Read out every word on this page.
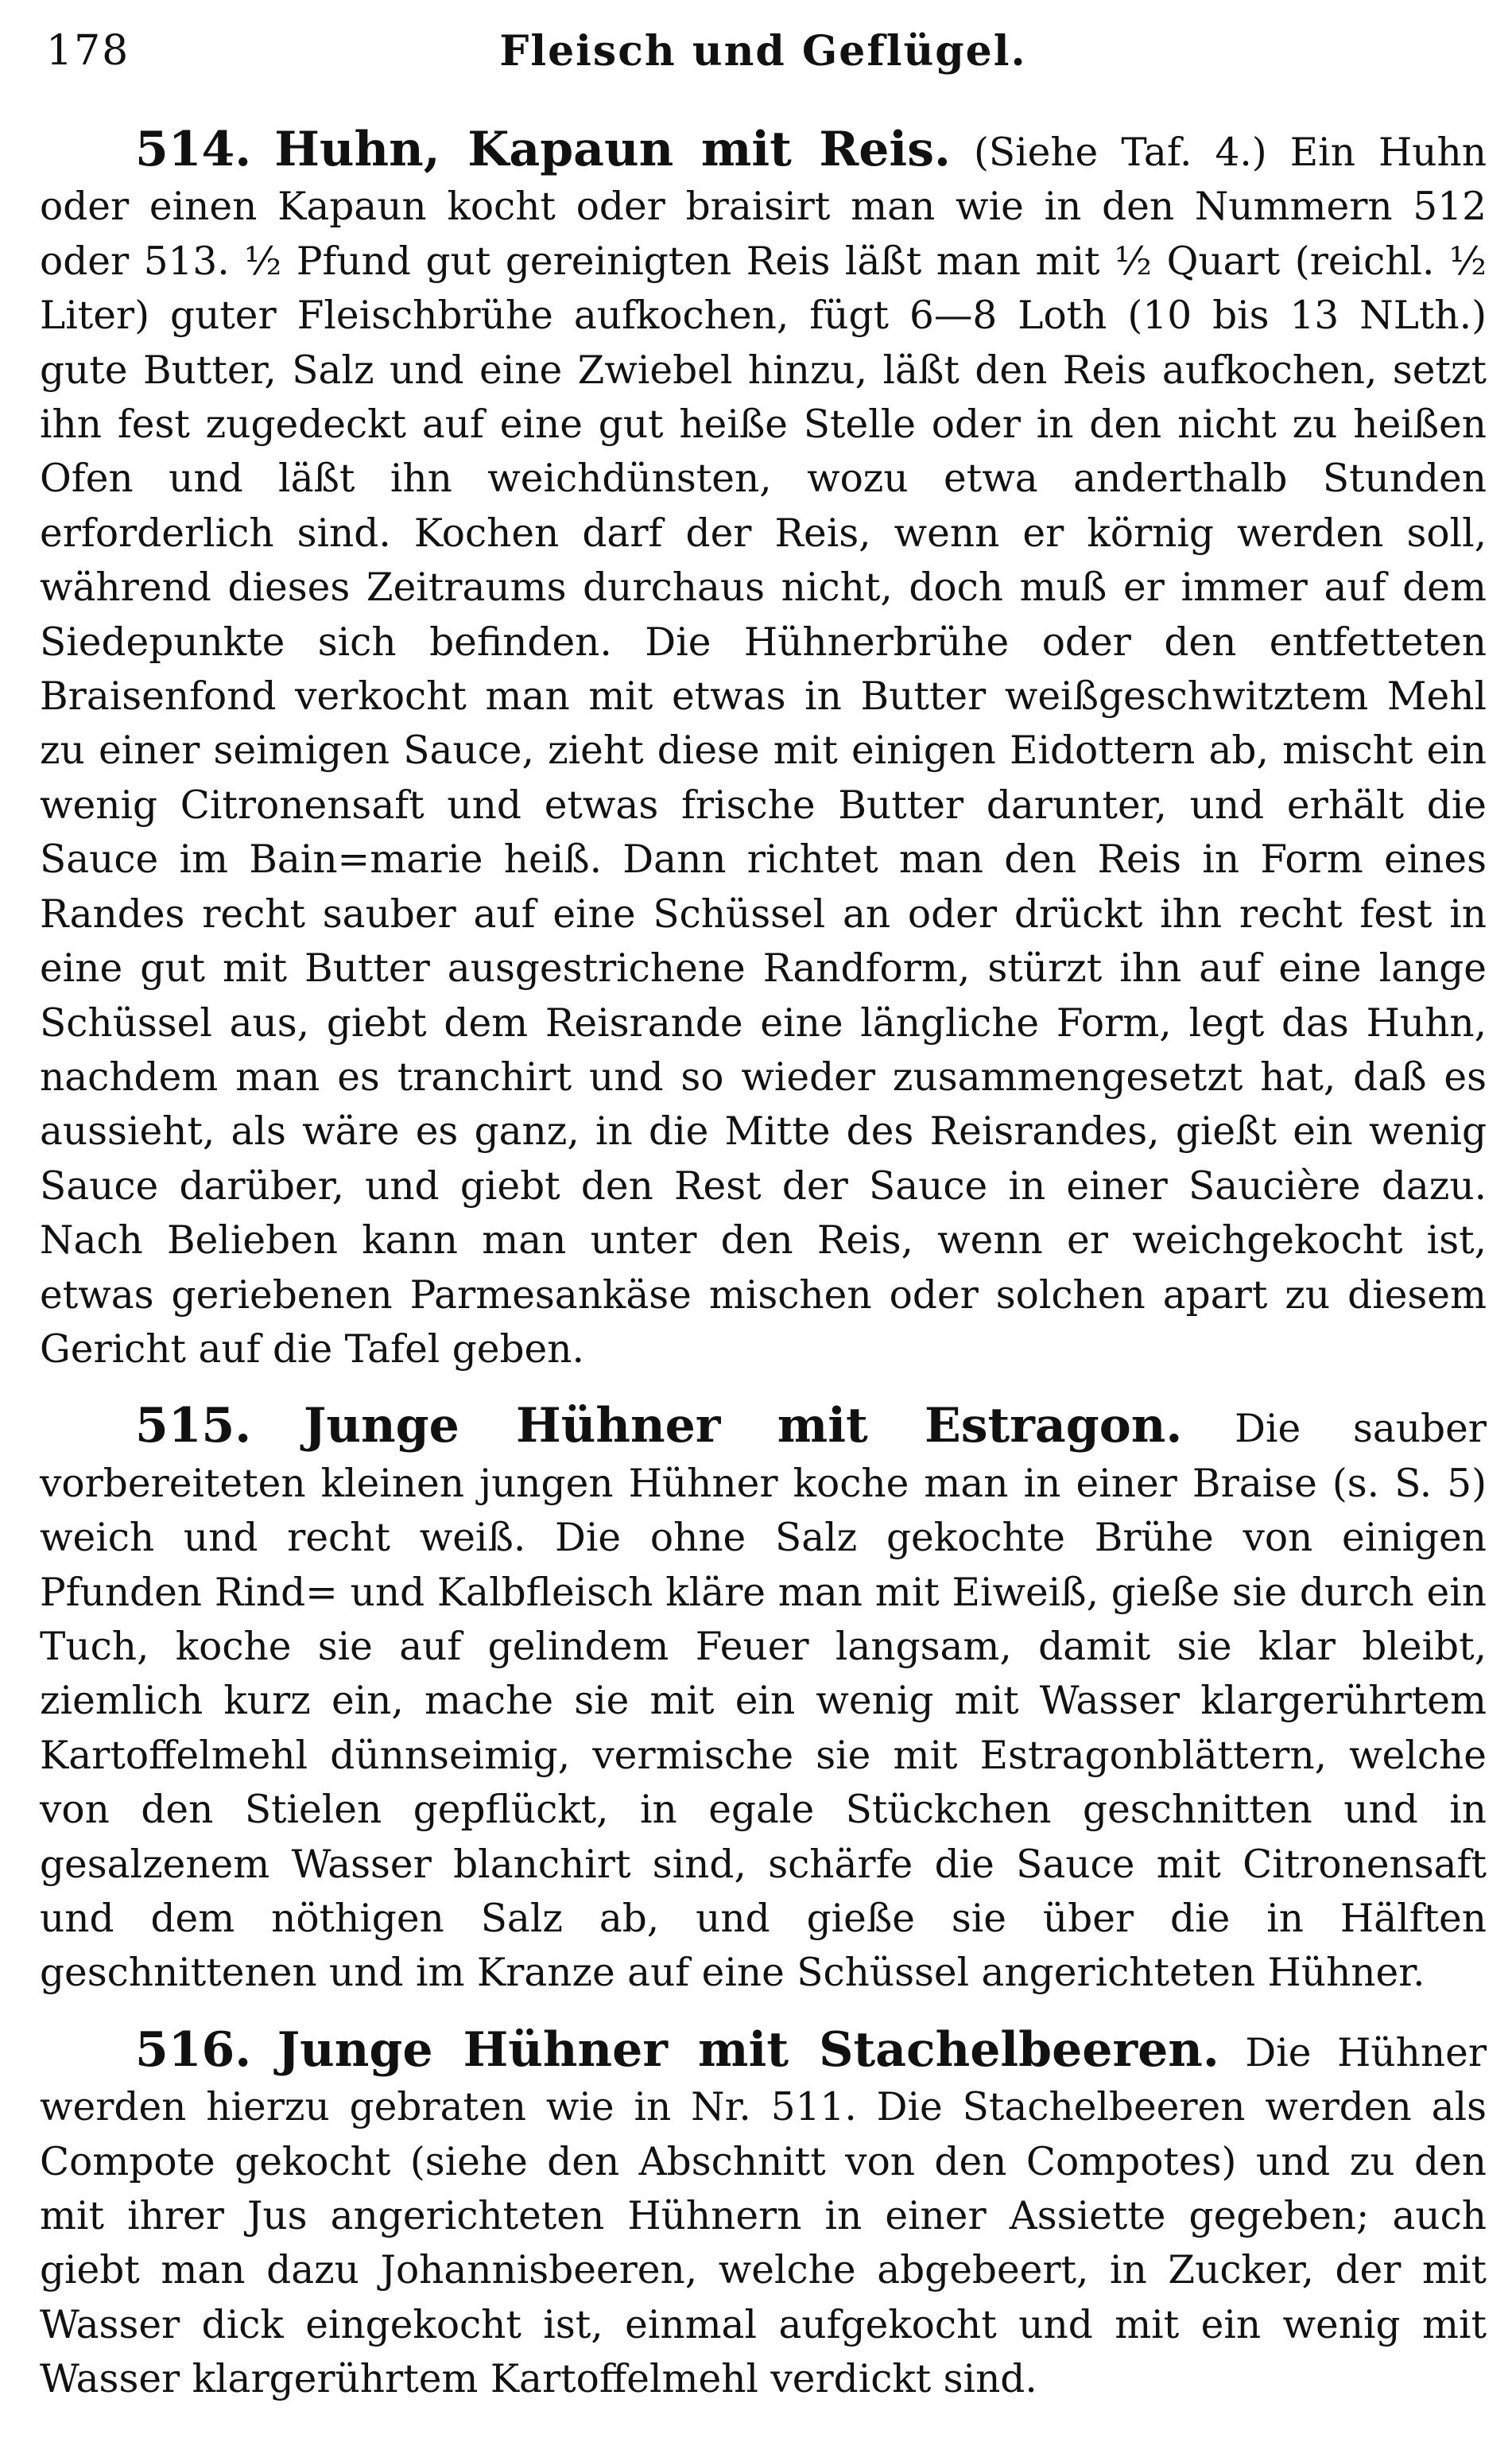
178	Fleisch und Geflügel.

514. Huhn, Kapaun mit Reis. (Siehe Taf. 4.) Ein Huhn oder einen Kapaun kocht oder braisirt man wie in den Nummern 512 oder 513. ½ Pfund gut gereinigten Reis läßt man mit ½ Quart (reichl. ½ Liter) guter Fleischbrühe aufkochen, fügt 6—8 Loth (10 bis 13 NLth.) gute Butter, Salz und eine Zwiebel hinzu, läßt den Reis aufkochen, setzt ihn fest zugedeckt auf eine gut heiße Stelle oder in den nicht zu heißen Ofen und läßt ihn weichdünsten, wozu etwa anderthalb Stunden erforderlich sind. Kochen darf der Reis, wenn er körnig werden soll, während dieses Zeitraums durchaus nicht, doch muß er immer auf dem Siedepunkte sich befinden. Die Hühnerbrühe oder den entfetteten Braisenfond verkocht man mit etwas in Butter weißgeschwitztem Mehl zu einer seimigen Sauce, zieht diese mit einigen Eidottern ab, mischt ein wenig Citronensaft und etwas frische Butter darunter, und erhält die Sauce im Bain=marie heiß. Dann richtet man den Reis in Form eines Randes recht sauber auf eine Schüssel an oder drückt ihn recht fest in eine gut mit Butter ausgestrichene Randform, stürzt ihn auf eine lange Schüssel aus, giebt dem Reisrande eine längliche Form, legt das Huhn, nachdem man es tranchirt und so wieder zusammengesetzt hat, daß es aussieht, als wäre es ganz, in die Mitte des Reisrandes, gießt ein wenig Sauce darüber, und giebt den Rest der Sauce in einer Saucière dazu. Nach Belieben kann man unter den Reis, wenn er weichgekocht ist, etwas geriebenen Parmesankäse mischen oder solchen apart zu diesem Gericht auf die Tafel geben.

515. Junge Hühner mit Estragon. Die sauber vorbereiteten kleinen jungen Hühner koche man in einer Braise (s. S. 5) weich und recht weiß. Die ohne Salz gekochte Brühe von einigen Pfunden Rind= und Kalbfleisch kläre man mit Eiweiß, gieße sie durch ein Tuch, koche sie auf gelindem Feuer langsam, damit sie klar bleibt, ziemlich kurz ein, mache sie mit ein wenig mit Wasser klargerührtem Kartoffelmehl dünnseimig, vermische sie mit Estragonblättern, welche von den Stielen gepflückt, in egale Stückchen geschnitten und in gesalzenem Wasser blanchirt sind, schärfe die Sauce mit Citronensaft und dem nöthigen Salz ab, und gieße sie über die in Hälften geschnittenen und im Kranze auf eine Schüssel angerichteten Hühner.

516. Junge Hühner mit Stachelbeeren. Die Hühner werden hierzu gebraten wie in Nr. 511. Die Stachelbeeren werden als Compote gekocht (siehe den Abschnitt von den Compotes) und zu den mit ihrer Jus angerichteten Hühnern in einer Assiette gegeben; auch giebt man dazu Johannisbeeren, welche abgebeert, in Zucker, der mit Wasser dick eingekocht ist, einmal aufgekocht und mit ein wenig mit Wasser klargerührtem Kartoffelmehl verdickt sind.
